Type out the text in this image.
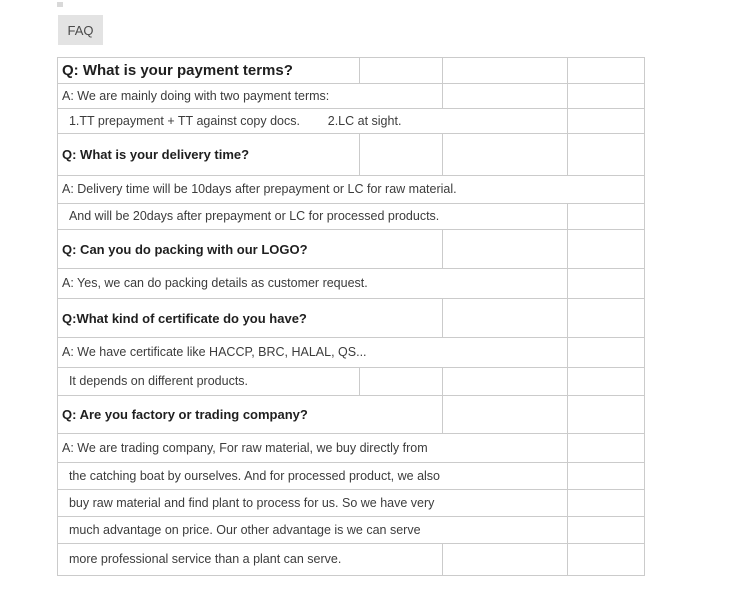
FAQ
Q: What is your payment terms?			
A: We are mainly doing with two payment terms:			
1.TT prepayment + TT against copy docs.        2.LC at sight.			
Q: What is your delivery time?			
A: Delivery time will be 10days after prepayment or LC for raw material.			
And will be 20days after prepayment or LC for processed products.			
Q: Can you do packing with our LOGO?			
A: Yes, we can do packing details as customer request.			
Q:What kind of certificate do you have?			
A: We have certificate like HACCP, BRC, HALAL, QS...			
It depends on different products.			
Q: Are you factory or trading company?			
A: We are trading company, For raw material, we buy directly from			
the catching boat by ourselves. And for processed product, we also			
buy raw material and find plant to process for us. So we have very			
much advantage on price. Our other advantage is we can serve			
more professional service than a plant can serve.			
